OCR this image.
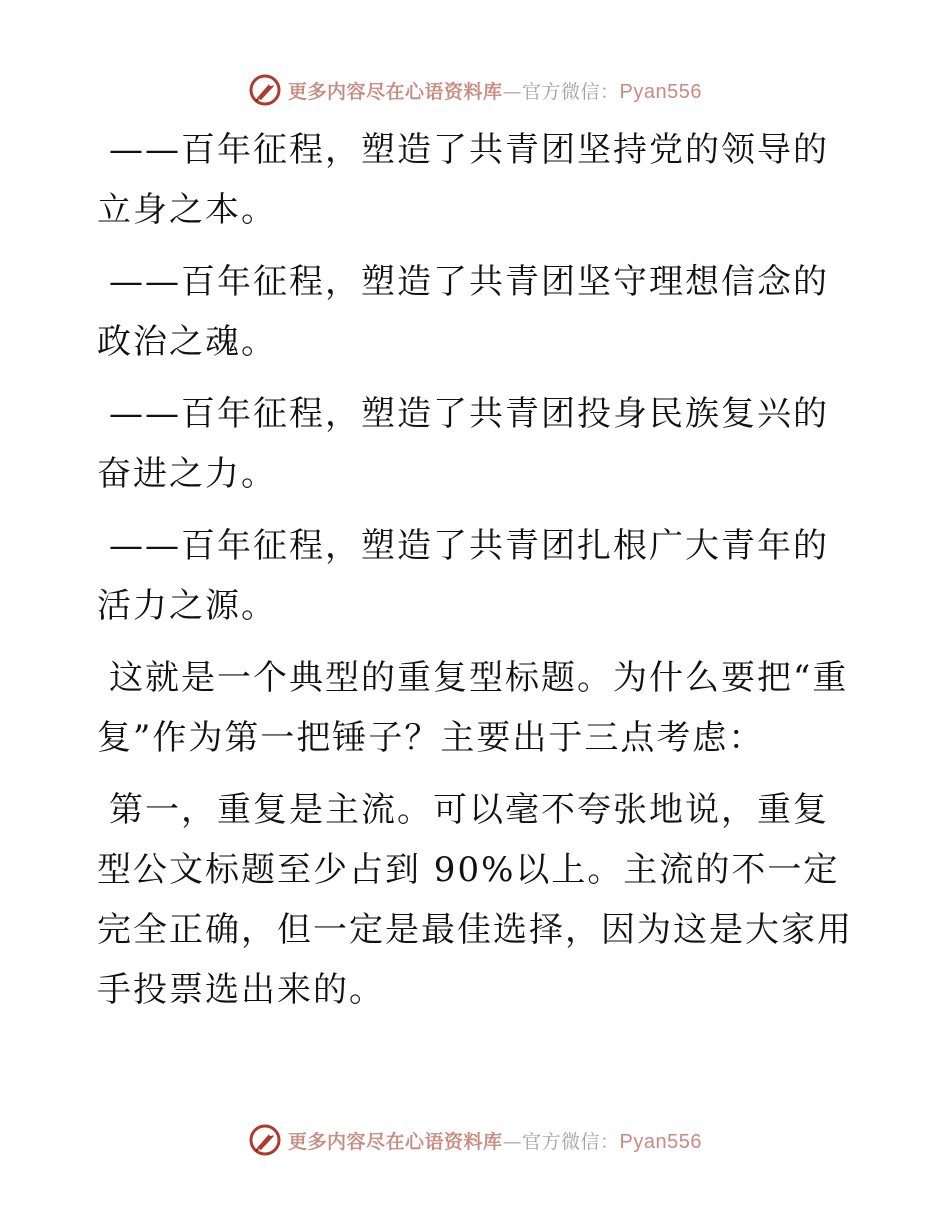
更多内容尽在心语资料库—官方微信：Pyan556

——百年征程，塑造了共青团坚持党的领导的立身之本。

——百年征程，塑造了共青团坚守理想信念的政治之魂。

——百年征程，塑造了共青团投身民族复兴的奋进之力。

——百年征程，塑造了共青团扎根广大青年的活力之源。

这就是一个典型的重复型标题。为什么要把“重复”作为第一把锤子？主要出于三点考虑：

第一，重复是主流。可以毫不夸张地说，重复型公文标题至少占到 90%以上。主流的不一定完全正确，但一定是最佳选择，因为这是大家用手投票选出来的。

更多内容尽在心语资料库—官方微信：Pyan556
